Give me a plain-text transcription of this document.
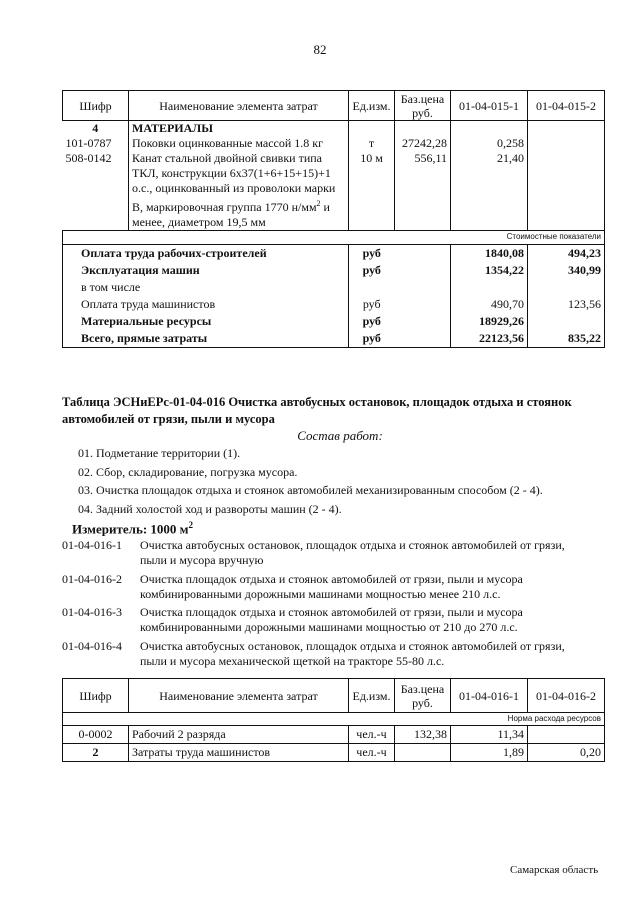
82
Шифр	Наименование элемента затрат	Ед.изм.	Баз.цена руб.	01-04-015-1	01-04-015-2
4	МАТЕРИАЛЫ				
101-0787	Поковки оцинкованные массой 1.8 кг	т	27242,28	0,258	
508-0142	Канат стальной двойной свивки типа
ТКЛ, конструкции 6х37(1+6+15+15)+1
о.с., оцинкованный из проволоки марки
В, маркировочная группа 1770 $н/мм^2$ и
менее, диаметром 19,5 мм	10 м	556,11	21,40	
Стоимостные показатели					
Оплата труда рабочих-строителей		руб		1840,08	494,23
Эксплуатация машин		руб		1354,22	340,99
в том числе					
Оплата труда машинистов		руб		490,70	123,56
Материальные ресурсы		руб		18929,26	
Всего, прямые затраты		руб		22123,56	835,22
Таблица ЭСНиЕРс-01-04-016 Очистка автобусных остановок, площадок отдыха и стоянок
автомобилей от грязи, пыли и мусора
Состав работ:
01. Подметание территории (1).
02. Сбор, складирование, погрузка мусора.
03. Очистка площадок отдыха и стоянок автомобилей механизированным способом (2 - 4).
04. Задний холостой ход и развороты машин (2 - 4).
Измеритель: 1000 $м^2$
01-04-016-1	Очистка автобусных остановок, площадок отдыха и стоянок автомобилей от грязи,
пыли и мусора вручную
01-04-016-2	Очистка площадок отдыха и стоянок автомобилей от грязи, пыли и мусора
комбинированными дорожными машинами мощностью менее 210 л.с.
01-04-016-3	Очистка площадок отдыха и стоянок автомобилей от грязи, пыли и мусора
комбинированными дорожными машинами мощностью от 210 до 270 л.с.
01-04-016-4	Очистка автобусных остановок, площадок отдыха и стоянок автомобилей от грязи,
пыли и мусора механической щеткой на тракторе 55-80 л.с.
Шифр	Наименование элемента затрат	Ед.изм.	Баз.цена руб.	01-04-016-1	01-04-016-2
Норма расхода ресурсов					
0-0002	Рабочий 2 разряда	чел.-ч	132,38	11,34	
2	Затраты труда машинистов	чел.-ч		1,89	0,20
Самарская область
